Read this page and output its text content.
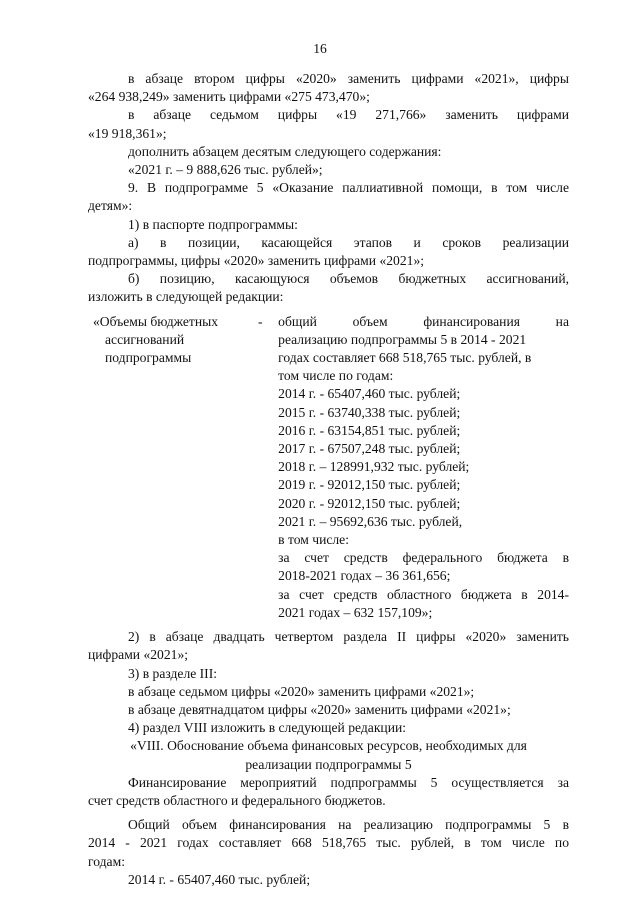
16
в абзаце втором цифры «2020» заменить цифрами «2021», цифры
«264 938,249» заменить цифрами «275 473,470»;
в абзаце седьмом цифры «19 271,766» заменить цифрами
«19 918,361»;
дополнить абзацем десятым следующего содержания:
«2021 г. – 9 888,626 тыс. рублей»;
9. В подпрограмме 5 «Оказание паллиативной помощи, в том числе
детям»:
1) в паспорте подпрограммы:
а) в позиции, касающейся этапов и сроков реализации
подпрограммы, цифры «2020» заменить цифрами «2021»;
б) позицию, касающуюся объемов бюджетных ассигнований,
изложить в следующей редакции:
«Объемы бюджетных
ассигнований
подпрограммы
- общий объем финансирования на
реализацию подпрограммы 5 в 2014 - 2021
годах составляет 668 518,765 тыс. рублей, в
том числе по годам:
2014 г. - 65407,460 тыс. рублей;
2015 г. - 63740,338 тыс. рублей;
2016 г. - 63154,851 тыс. рублей;
2017 г. - 67507,248 тыс. рублей;
2018 г. – 128991,932 тыс. рублей;
2019 г. - 92012,150 тыс. рублей;
2020 г. - 92012,150 тыс. рублей;
2021 г. – 95692,636 тыс. рублей,
в том числе:
за счет средств федерального бюджета в
2018-2021 годах – 36 361,656;
за счет средств областного бюджета в 2014-
2021 годах – 632 157,109»;
2) в абзаце двадцать четвертом раздела II цифры «2020» заменить
цифрами «2021»;
3) в разделе III:
в абзаце седьмом цифры «2020» заменить цифрами «2021»;
в абзаце девятнадцатом цифры «2020» заменить цифрами «2021»;
4) раздел VIII изложить в следующей редакции:
«VIII. Обоснование объема финансовых ресурсов, необходимых для
реализации подпрограммы 5
Финансирование мероприятий подпрограммы 5 осуществляется за
счет средств областного и федерального бюджетов.
Общий объем финансирования на реализацию подпрограммы 5 в
2014 - 2021 годах составляет 668 518,765 тыс. рублей, в том числе по
годам:
2014 г. - 65407,460 тыс. рублей;
